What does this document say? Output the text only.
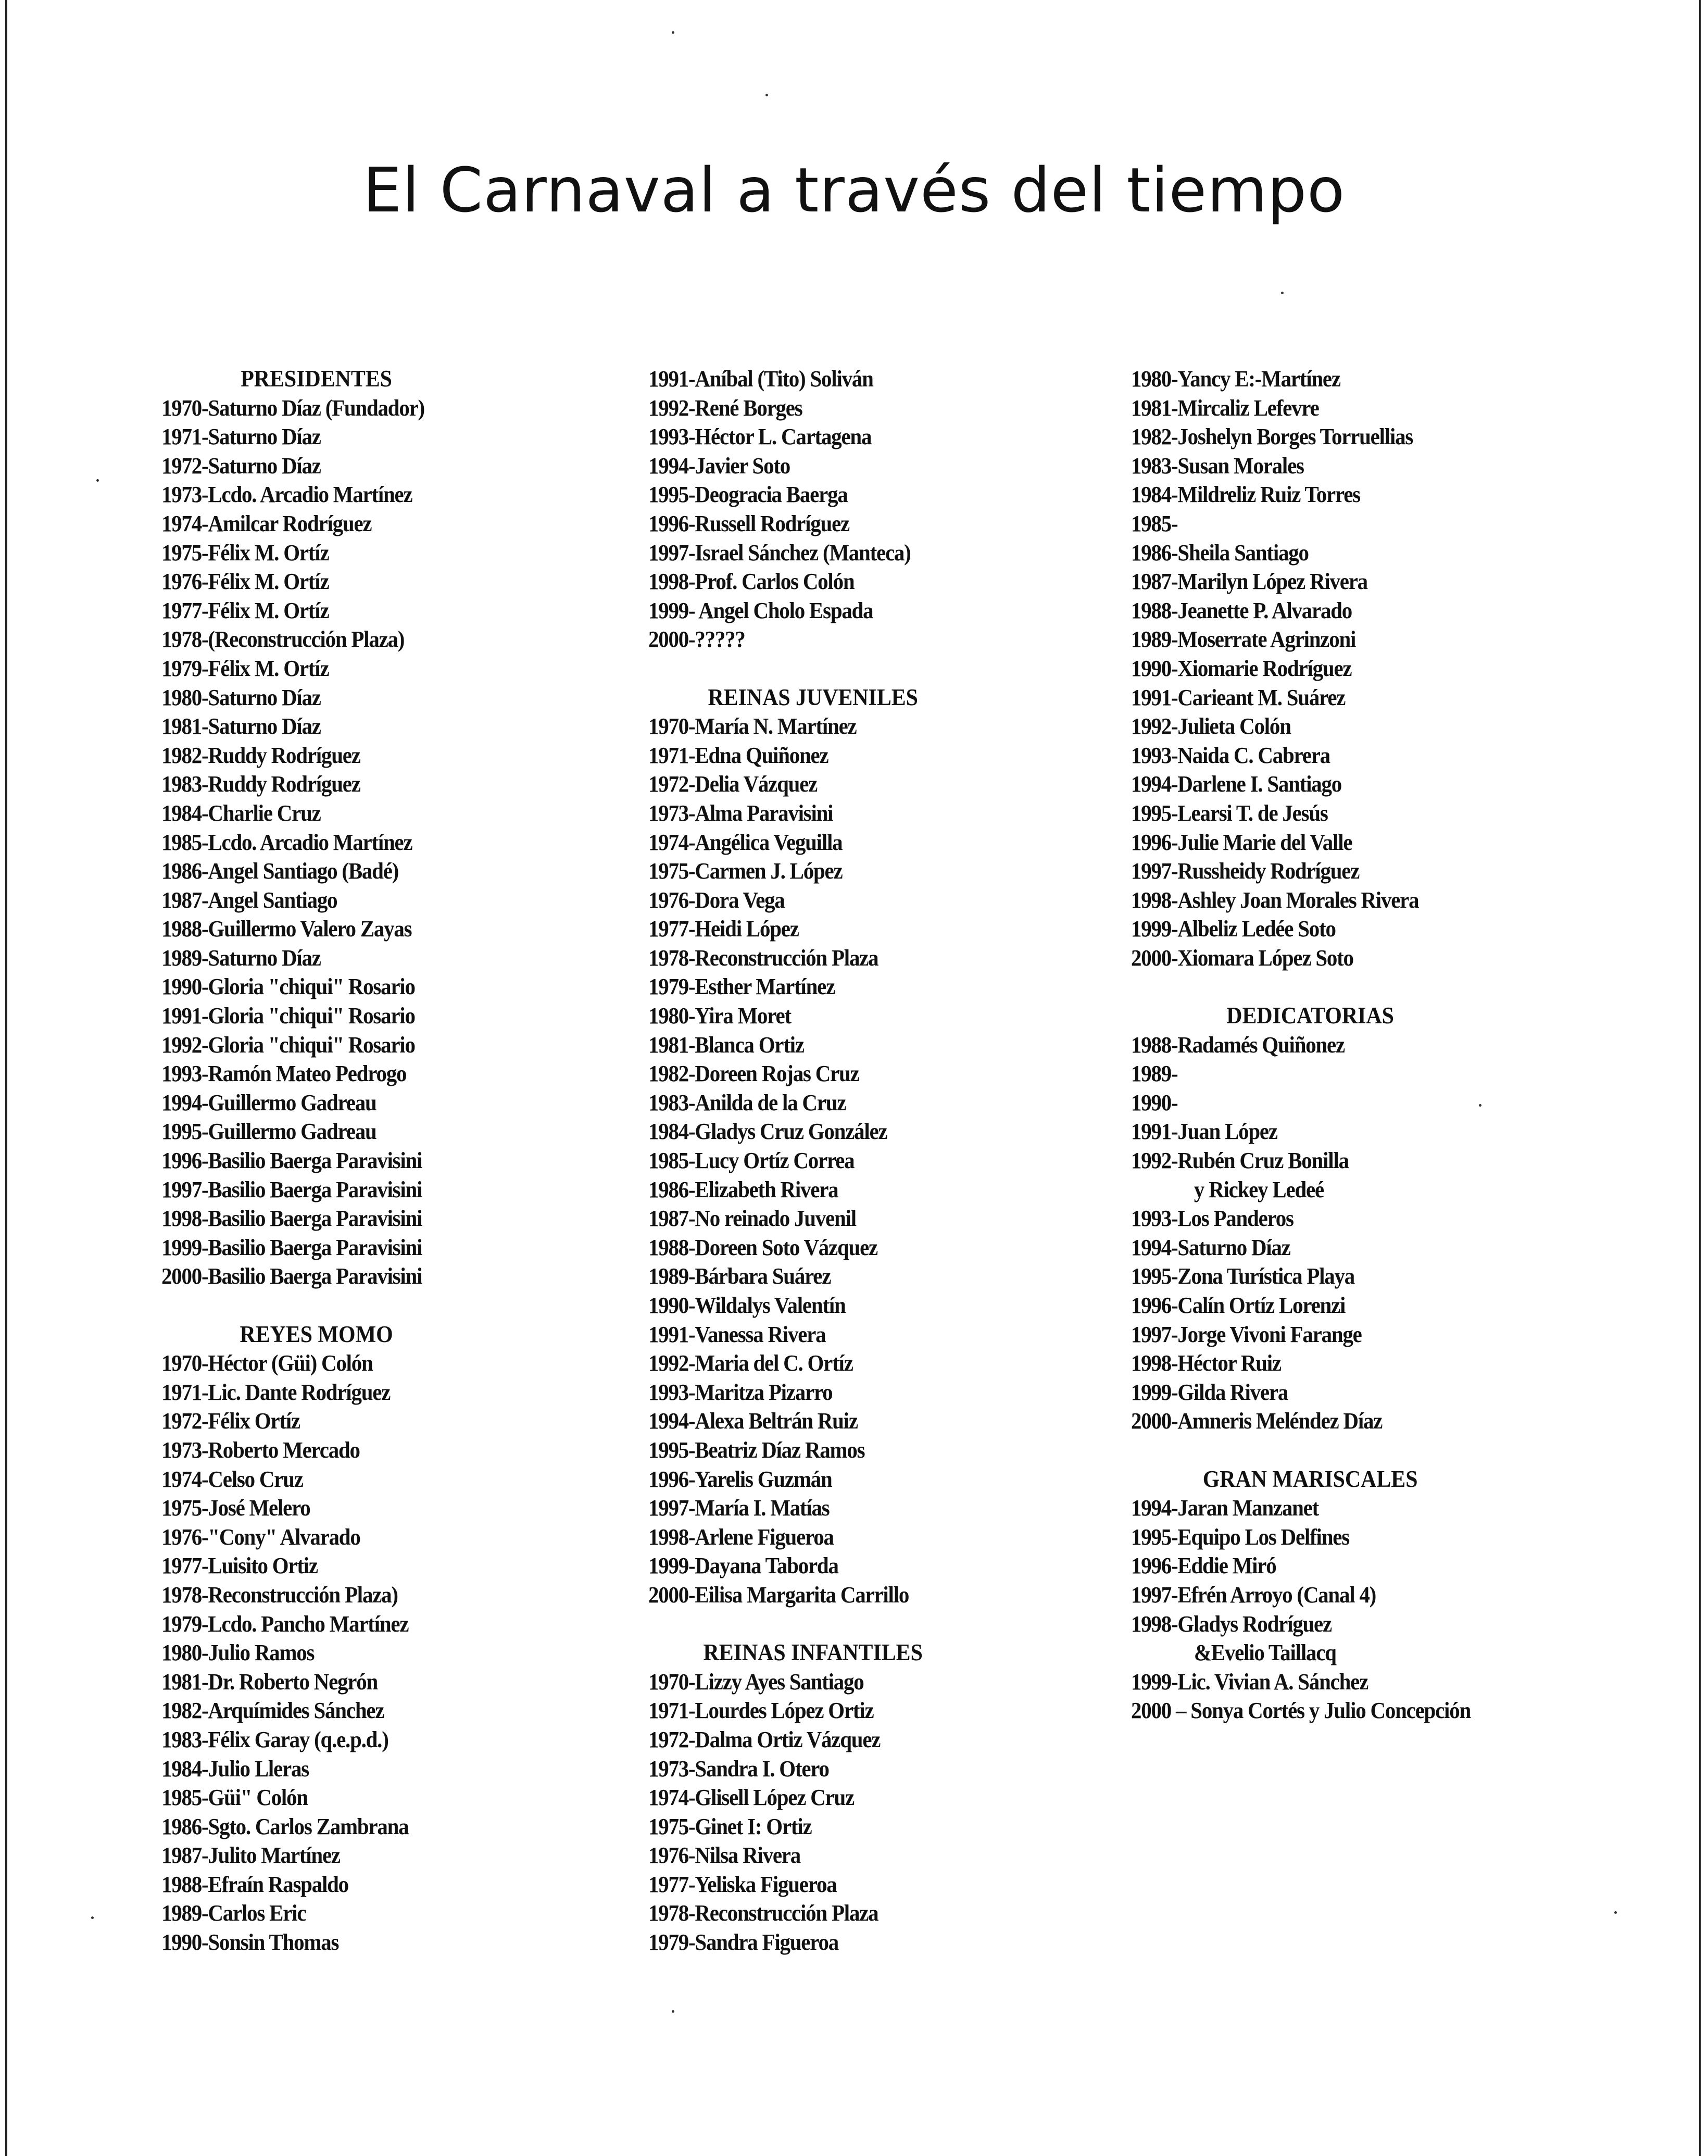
El Carnaval a través del tiempo
PRESIDENTES
1970-Saturno Díaz (Fundador)
1971-Saturno Díaz
1972-Saturno Díaz
1973-Lcdo. Arcadio Martínez
1974-Amilcar Rodríguez
1975-Félix M. Ortíz
1976-Félix M. Ortíz
1977-Félix M. Ortíz
1978-(Reconstrucción Plaza)
1979-Félix M. Ortíz
1980-Saturno Díaz
1981-Saturno Díaz
1982-Ruddy Rodríguez
1983-Ruddy Rodríguez
1984-Charlie Cruz
1985-Lcdo. Arcadio Martínez
1986-Angel Santiago (Badé)
1987-Angel Santiago
1988-Guillermo Valero Zayas
1989-Saturno Díaz
1990-Gloria "chiqui" Rosario
1991-Gloria "chiqui" Rosario
1992-Gloria "chiqui" Rosario
1993-Ramón Mateo Pedrogo
1994-Guillermo Gadreau
1995-Guillermo Gadreau
1996-Basilio Baerga Paravisini
1997-Basilio Baerga Paravisini
1998-Basilio Baerga Paravisini
1999-Basilio Baerga Paravisini
2000-Basilio Baerga Paravisini
REYES MOMO
1970-Héctor (Güi) Colón
1971-Lic. Dante Rodríguez
1972-Félix Ortíz
1973-Roberto Mercado
1974-Celso Cruz
1975-José Melero
1976-"Cony" Alvarado
1977-Luisito Ortiz
1978-Reconstrucción Plaza)
1979-Lcdo. Pancho Martínez
1980-Julio Ramos
1981-Dr. Roberto Negrón
1982-Arquímides Sánchez
1983-Félix Garay (q.e.p.d.)
1984-Julio Lleras
1985-Güi" Colón
1986-Sgto. Carlos Zambrana
1987-Julito Martínez
1988-Efraín Raspaldo
1989-Carlos Eric
1990-Sonsin Thomas
1991-Aníbal (Tito) Soliván
1992-René Borges
1993-Héctor L. Cartagena
1994-Javier Soto
1995-Deogracia Baerga
1996-Russell Rodríguez
1997-Israel Sánchez (Manteca)
1998-Prof. Carlos Colón
1999- Angel Cholo Espada
2000-?????
REINAS JUVENILES
1970-María N. Martínez
1971-Edna Quiñonez
1972-Delia Vázquez
1973-Alma Paravisini
1974-Angélica Veguilla
1975-Carmen J. López
1976-Dora Vega
1977-Heidi López
1978-Reconstrucción Plaza
1979-Esther Martínez
1980-Yira Moret
1981-Blanca Ortiz
1982-Doreen Rojas Cruz
1983-Anilda de la Cruz
1984-Gladys Cruz González
1985-Lucy Ortíz Correa
1986-Elizabeth Rivera
1987-No reinado Juvenil
1988-Doreen Soto Vázquez
1989-Bárbara Suárez
1990-Wildalys Valentín
1991-Vanessa Rivera
1992-Maria del C. Ortíz
1993-Maritza Pizarro
1994-Alexa Beltrán Ruiz
1995-Beatriz Díaz Ramos
1996-Yarelis Guzmán
1997-María I. Matías
1998-Arlene Figueroa
1999-Dayana Taborda
2000-Eilisa Margarita Carrillo
REINAS INFANTILES
1970-Lizzy Ayes Santiago
1971-Lourdes López Ortiz
1972-Dalma Ortiz Vázquez
1973-Sandra I. Otero
1974-Glisell López Cruz
1975-Ginet I: Ortiz
1976-Nilsa Rivera
1977-Yeliska Figueroa
1978-Reconstrucción Plaza
1979-Sandra Figueroa
1980-Yancy E:-Martínez
1981-Mircaliz Lefevre
1982-Joshelyn Borges Torruellias
1983-Susan Morales
1984-Mildreliz Ruiz Torres
1985-
1986-Sheila Santiago
1987-Marilyn López Rivera
1988-Jeanette P. Alvarado
1989-Moserrate Agrinzoni
1990-Xiomarie Rodríguez
1991-Carieant M. Suárez
1992-Julieta Colón
1993-Naida C. Cabrera
1994-Darlene I. Santiago
1995-Learsi T. de Jesús
1996-Julie Marie del Valle
1997-Russheidy Rodríguez
1998-Ashley Joan Morales Rivera
1999-Albeliz Ledée Soto
2000-Xiomara López Soto
DEDICATORIAS
1988-Radamés Quiñonez
1989-
1990-
1991-Juan López
1992-Rubén Cruz Bonilla
y Rickey Ledeé
1993-Los Panderos
1994-Saturno Díaz
1995-Zona Turística Playa
1996-Calín Ortíz Lorenzi
1997-Jorge Vivoni Farange
1998-Héctor Ruiz
1999-Gilda Rivera
2000-Amneris Meléndez Díaz
GRAN MARISCALES
1994-Jaran Manzanet
1995-Equipo Los Delfines
1996-Eddie Miró
1997-Efrén Arroyo (Canal 4)
1998-Gladys Rodríguez
&Evelio Taillacq
1999-Lic. Vivian A. Sánchez
2000 – Sonya Cortés y Julio Concepción
